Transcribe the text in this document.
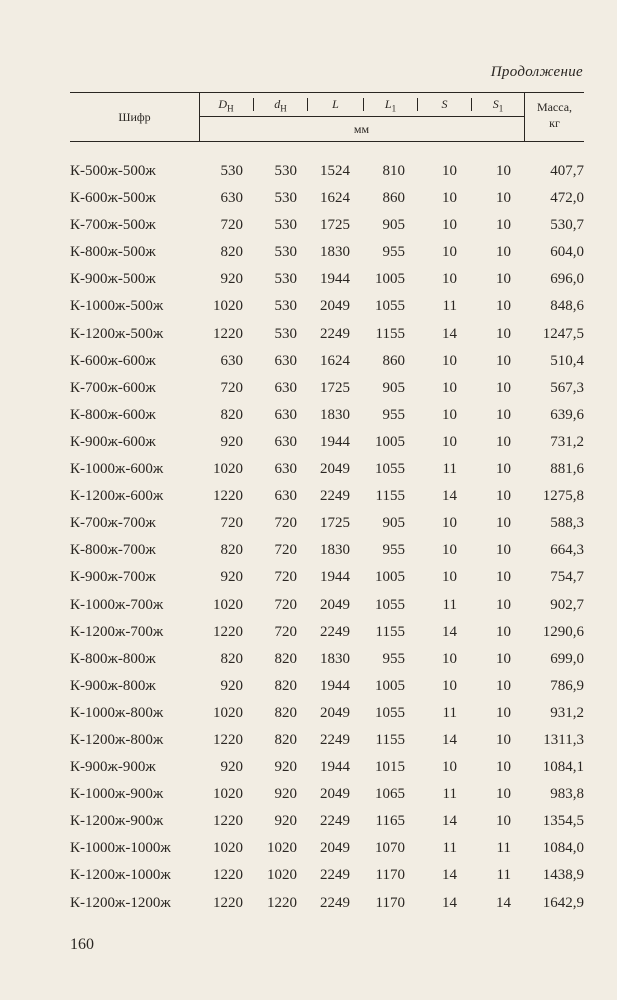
Продолжение
Шифр
$D_Н$	$d_Н$	L	$L_1$	S	$S_1$
мм
Масса,
кг
К-500ж-500ж	530 530 1524 810 10	10	407,7
К-600ж-500ж	630 530 1624 860 10	10	472,0
К-700ж-500ж	720 530 1725 905 10	10	530,7
К-800ж-500ж	820 530 1830 955 10	10	604,0
К-900ж-500ж	920 530 1944 1005 10	10	696,0
К-1000ж-500ж	1020 530 2049 1055	11	10	848,6
К-1200ж-500ж	1220 530 2249 1155 14	10 1247,5
К-600ж-600ж	630 630 1624 860 10	10	510,4
К-700ж-600ж	720 630 1725 905 10	10	567,3
К-800ж-600ж	820 630 1830 955 10	10	639,6
К-900ж-600ж	920 630 1944 1005 10	10	731,2
К-1000ж-600ж	1020 630 2049 1055	11	10	881,6
К-1200ж-600ж	1220 630 2249 1155 14	10 1275,8
К-700ж-700ж	720 720 1725 905 10	10	588,3
К-800ж-700ж	820 720 1830 955 10	10	664,3
К-900ж-700ж	920 720 1944 1005 10	10	754,7
К-1000ж-700ж	1020 720 2049 1055	11	10	902,7
К-1200ж-700ж	1220 720 2249 1155 14	10 1290,6
К-800ж-800ж	820 820 1830 955 10	10	699,0
К-900ж-800ж	920 820 1944 1005 10	10	786,9
К-1000ж-800ж	1020 820 2049 1055	11	10	931,2
К-1200ж-800ж	1220 820 2249 1155 14	10 1311,3
К-900ж-900ж	920 920 1944 1015 10	10 1084,1
К-1000ж-900ж	1020 920 2049 1065	11	10	983,8
К-1200ж-900ж	1220 920 2249 1165 14	10 1354,5
К-1000ж-1000ж	1020 1020 2049 1070	11	11 1084,0
К-1200ж-1000ж	1220 1020 2249 1170 14	11 1438,9
К-1200ж-1200ж	1220 1220 2249 1170 14	14 1642,9
160
